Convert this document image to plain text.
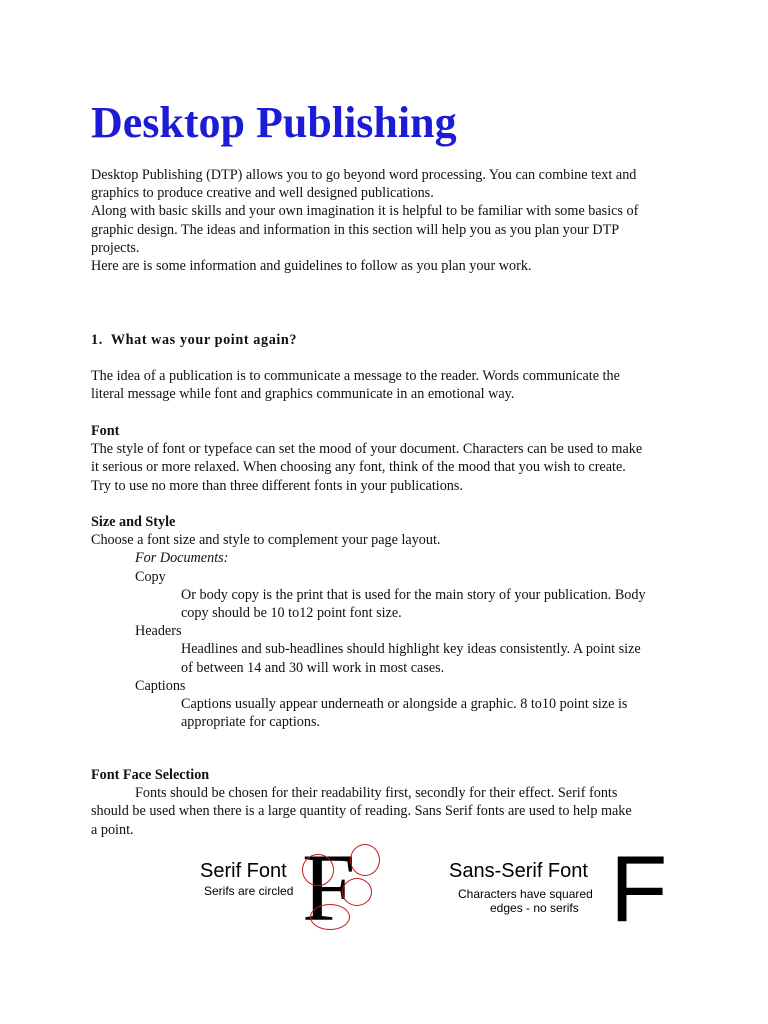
Desktop Publishing

Desktop Publishing (DTP) allows you to go beyond word processing. You can combine text and

graphics to produce creative and well designed publications.

Along with basic skills and your own imagination it is helpful to be familiar with some basics of

graphic design. The ideas and information in this section will help you as you plan your DTP

projects.

Here are is some information and guidelines to follow as you plan your work.

1. What was your point again?

The idea of a publication is to communicate a message to the reader. Words communicate the

literal message while font and graphics communicate in an emotional way.

Font

The style of font or typeface can set the mood of your document. Characters can be used to make

it serious or more relaxed. When choosing any font, think of the mood that you wish to create.

Try to use no more than three different fonts in your publications.

Size and Style

Choose a font size and style to complement your page layout.

For Documents:

Copy

Or body copy is the print that is used for the main story of your publication. Body

copy should be 10 to12 point font size.

Headers

Headlines and sub-headlines should highlight key ideas consistently. A point size

of between 14 and 30 will work in most cases.

Captions

Captions usually appear underneath or alongside a graphic. 8 to10 point size is

appropriate for captions.

Font Face Selection

Fonts should be chosen for their readability first, secondly for their effect. Serif fonts

should be used when there is a large quantity of reading. Sans Serif fonts are used to help make

a point.

Serif Font
Serifs are circled F	Sans-Serif Font
Characters have squared
edges - no serifs F
